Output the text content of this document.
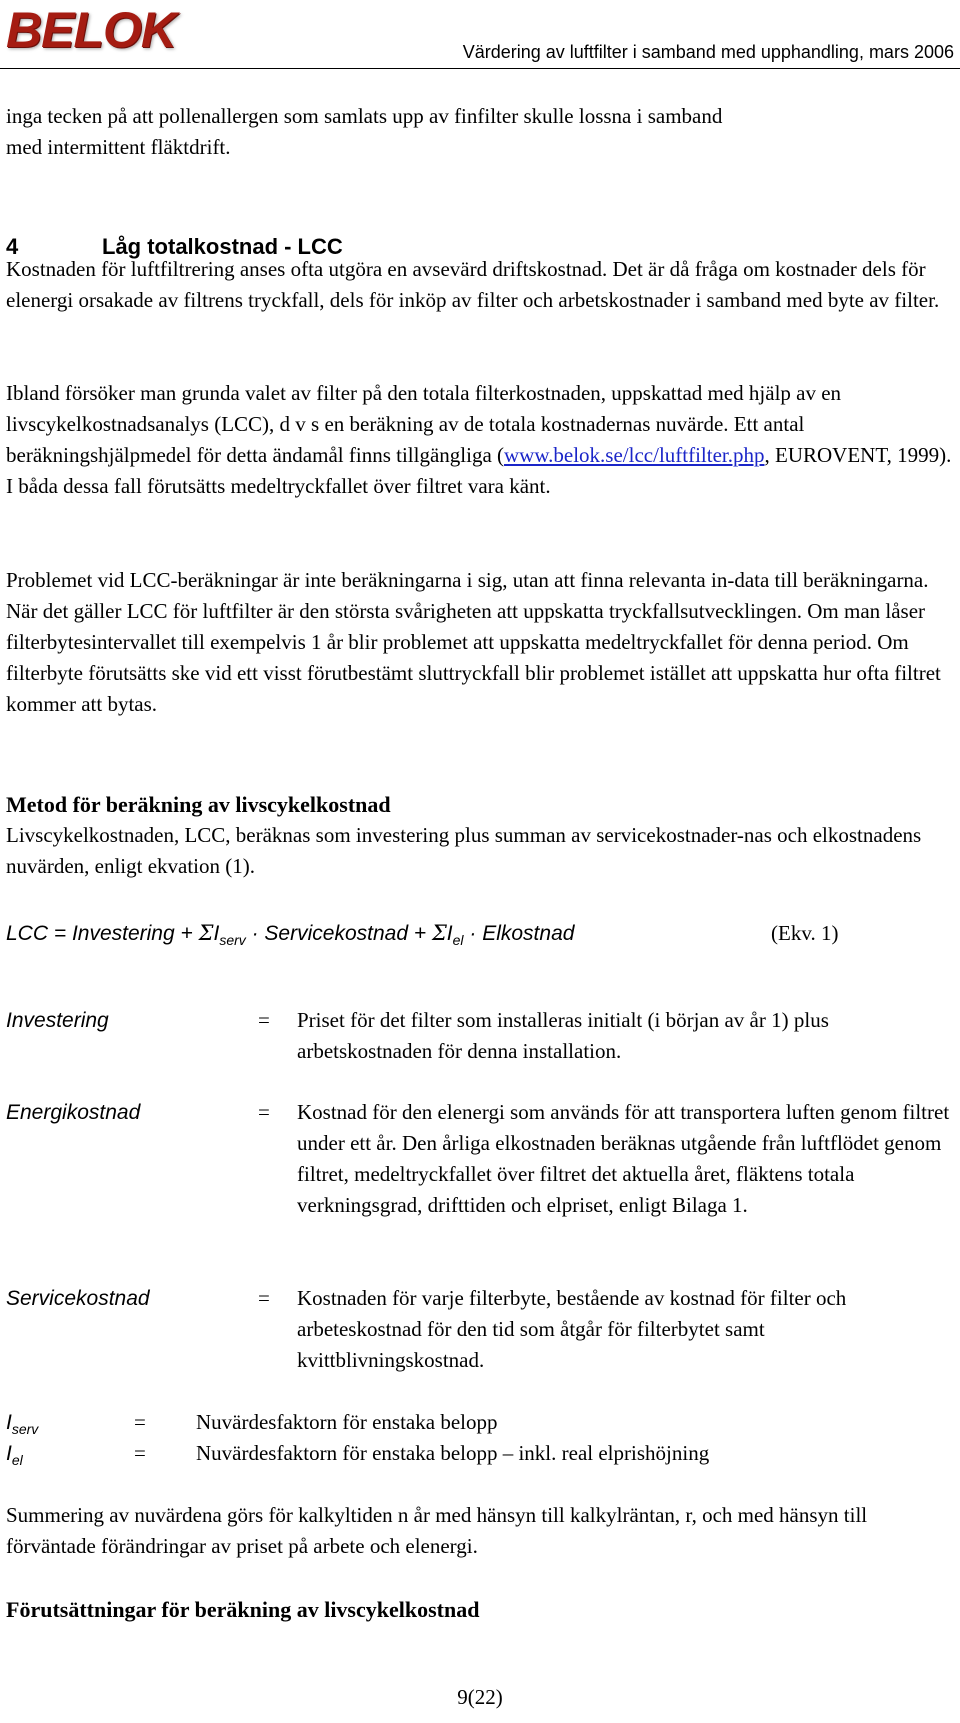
BELOK	Värdering av luftfilter i samband med upphandling, mars 2006

inga tecken på att pollenallergen som samlats upp av finfilter skulle lossna i samband

med intermittent fläktdrift.

4	Låg totalkostnad - LCC

Kostnaden för luftfiltrering anses ofta utgöra en avsevärd driftskostnad. Det är då fråga om kostnader dels för elenergi orsakade av filtrens tryckfall, dels för inköp av filter och arbetskostnader i samband med byte av filter.

Ibland försöker man grunda valet av filter på den totala filterkostnaden, uppskattad med hjälp av en livscykelkostnadsanalys (LCC), d v s en beräkning av de totala kostnadernas nuvärde. Ett antal beräkningshjälpmedel för detta ändamål finns tillgängliga (www.belok.se/lcc/luftfilter.php, EUROVENT, 1999). I båda dessa fall förutsätts medeltryckfallet över filtret vara känt.

Problemet vid LCC-beräkningar är inte beräkningarna i sig, utan att finna relevanta in-data till beräkningarna. När det gäller LCC för luftfilter är den största svårigheten att uppskatta tryckfallsutvecklingen. Om man låser filterbytesintervallet till exempelvis 1 år blir problemet att uppskatta medeltryckfallet för denna period. Om filterbyte förutsätts ske vid ett visst förutbestämt sluttryckfall blir problemet istället att uppskatta hur ofta filtret kommer att bytas.

Metod för beräkning av livscykelkostnad

Livscykelkostnaden, LCC, beräknas som investering plus summan av servicekostnader-nas och elkostnadens nuvärden, enligt ekvation (1).

LCC = Investering + $\Sigma I_{serv}$ · Servicekostnad + $\Sigma I_{el}$ · Elkostnad	(Ekv. 1)
Investering	= Priset för det filter som installeras initialt (i början av år 1) plus arbetskostnaden för denna installation.
Energikostnad	= Kostnad för den elenergi som används för att transportera luften genom filtret under ett år. Den årliga elkostnaden beräknas utgående från luftflödet genom filtret, medeltryckfallet över filtret det aktuella året, fläktens totala verkningsgrad, drifttiden och elpriset, enligt Bilaga 1.
Servicekostnad	= Kostnaden för varje filterbyte, bestående av kostnad för filter och arbeteskostnad för den tid som åtgår för filterbytet samt kvittblivningskostnad.
$I_{serv}$	= Nuvärdesfaktorn för enstaka belopp
$I_{el}$	= Nuvärdesfaktorn för enstaka belopp – inkl. real elprishöjning

Summering av nuvärdena görs för kalkyltiden n år med hänsyn till kalkylräntan, r, och med hänsyn till förväntade förändringar av priset på arbete och elenergi.

Förutsättningar för beräkning av livscykelkostnad
9(22)
